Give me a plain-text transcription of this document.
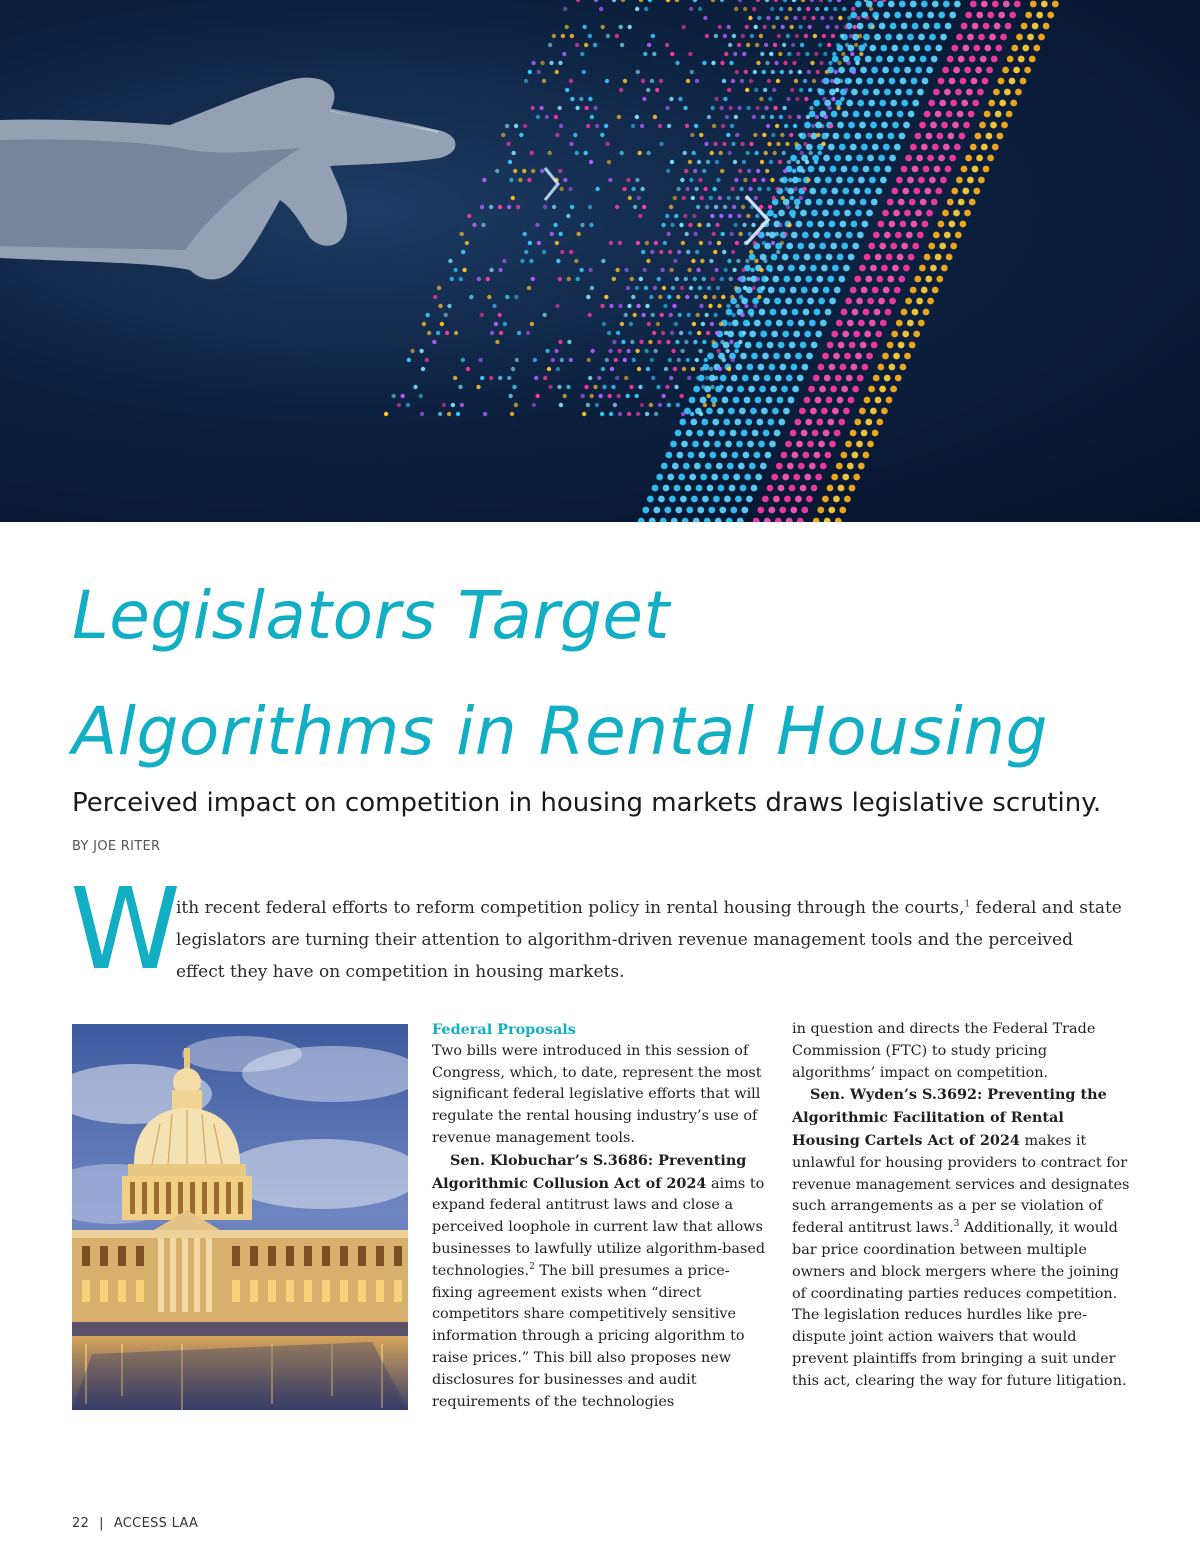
Legislators Target
Algorithms in Rental Housing
Perceived impact on competition in housing markets draws legislative scrutiny.
BY JOE RITER
W

ith recent federal efforts to reform competition policy in rental housing through the courts,$^1$ federal and state legislators are turning their attention to algorithm-driven revenue management tools and the perceived effect they have on competition in housing markets.

Federal Proposals

Two bills were introduced in this session of Congress, which, to date, represent the most significant federal legislative efforts that will regulate the rental housing industry’s use of revenue management tools.

Sen. Klobuchar’s S.3686: Preventing Algorithmic Collusion Act of 2024 aims to expand federal antitrust laws and close a perceived loophole in current law that allows businesses to lawfully utilize algorithm-based technologies.$^2$ The bill presumes a price-fixing agreement exists when “direct competitors share competitively sensitive information through a pricing algorithm to raise prices.” This bill also proposes new disclosures for businesses and audit requirements of the technologies

in question and directs the Federal Trade Commission (FTC) to study pricing algorithms’ impact on competition.

Sen. Wyden’s S.3692: Preventing the Algorithmic Facilitation of Rental Housing Cartels Act of 2024 makes it unlawful for housing providers to contract for revenue management services and designates such arrangements as a per se violation of federal antitrust laws.$^3$ Additionally, it would bar price coordination between multiple owners and block mergers where the joining of coordinating parties reduces competition. The legislation reduces hurdles like pre-dispute joint action waivers that would prevent plaintiffs from bringing a suit under this act, clearing the way for future litigation.

22 | ACCESS LAA
